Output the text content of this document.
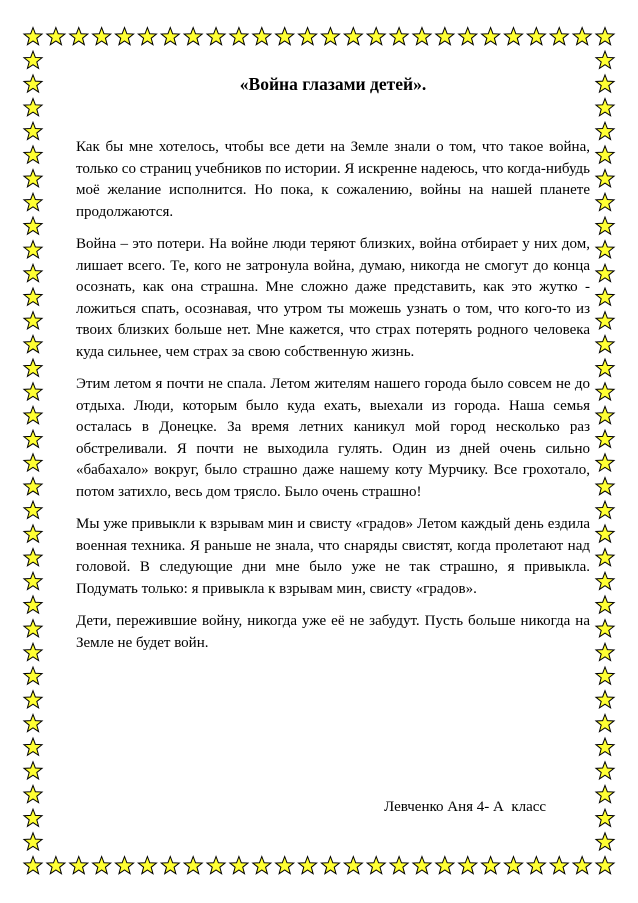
«Война глазами детей».

Как бы мне хотелось, чтобы все дети на Земле знали о том, что такое война, только со страниц учебников по истории. Я искренне надеюсь, что когда-нибудь моё желание исполнится. Но пока, к сожалению, войны на нашей планете продолжаются.

Война – это потери. На войне люди теряют близких, война отбирает у них дом, лишает всего. Те, кого не затронула война, думаю, никогда не смогут до конца осознать, как она страшна. Мне сложно даже представить, как это жутко - ложиться спать, осознавая, что утром ты можешь узнать о том, что кого-то из твоих близких больше нет. Мне кажется, что страх потерять родного человека куда сильнее, чем страх за свою собственную жизнь.

Этим летом я почти не спала. Летом жителям нашего города было совсем не до отдыха. Люди, которым было куда ехать, выехали из города. Наша семья осталась в Донецке. За время летних каникул мой город несколько раз обстреливали. Я почти не выходила гулять. Один из дней очень сильно «бабахало» вокруг, было страшно даже нашему коту Мурчику. Все грохотало, потом затихло, весь дом трясло. Было очень страшно!

Мы уже привыкли к взрывам мин и свисту «градов» Летом каждый день ездила военная техника. Я раньше не знала, что снаряды свистят, когда пролетают над головой. В следующие дни мне было уже не так страшно, я привыкла. Подумать только: я привыкла к взрывам мин, свисту «градов».

Дети, пережившие войну, никогда уже её не забудут. Пусть больше никогда на Земле не будет войн.

Левченко Аня 4- А  класс
